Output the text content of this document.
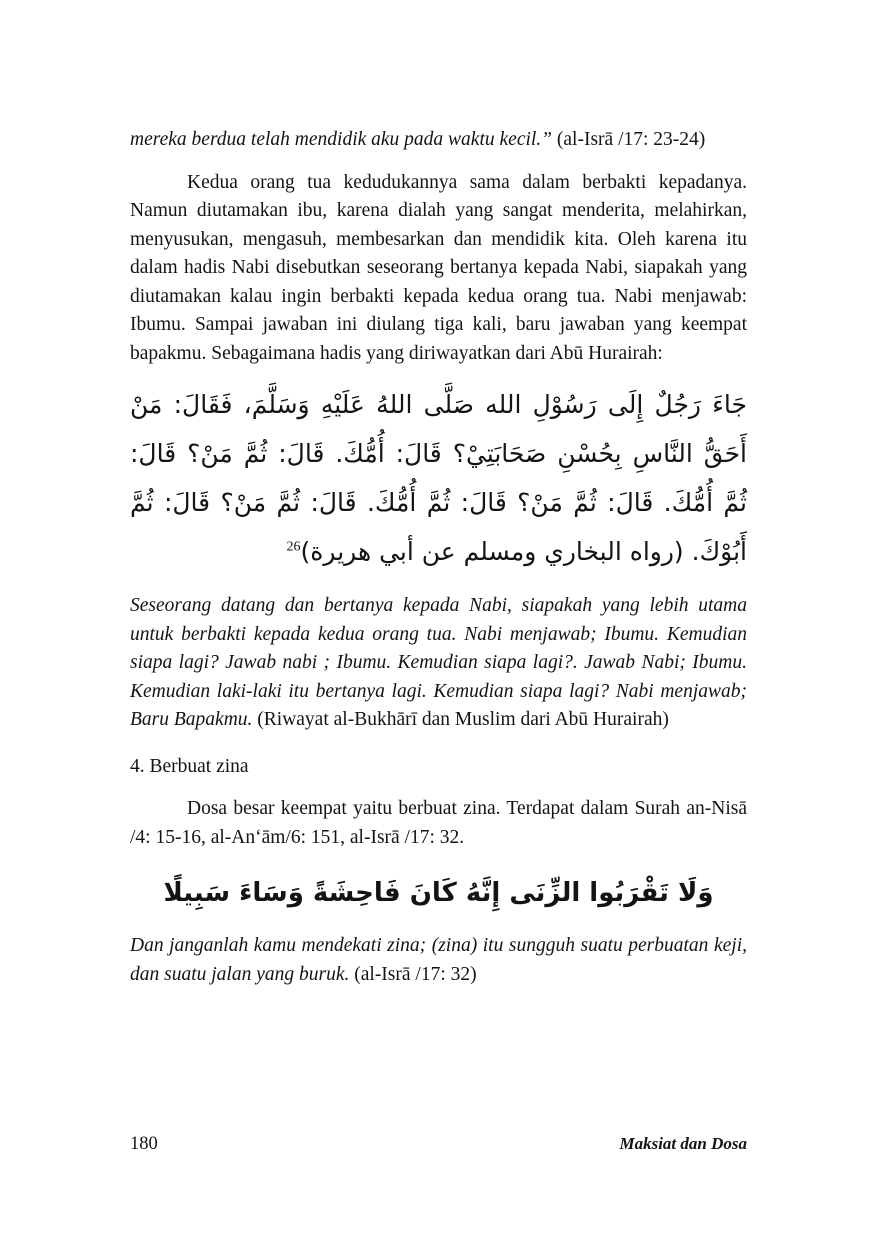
mereka berdua telah mendidik aku pada waktu kecil.” (al-Isrā /17: 23-24)

Kedua orang tua kedudukannya sama dalam berbakti kepadanya. Namun diutamakan ibu, karena dialah yang sangat menderita, melahirkan, menyusukan, mengasuh, membesarkan dan mendidik kita. Oleh karena itu dalam hadis Nabi disebutkan seseorang bertanya kepada Nabi, siapakah yang diutamakan kalau ingin berbakti kepada kedua orang tua. Nabi menjawab: Ibumu. Sampai jawaban ini diulang tiga kali, baru jawaban yang keempat bapakmu. Sebagaimana hadis yang diriwayatkan dari Abū Hurairah:

جَاءَ رَجُلٌ إِلَى رَسُوْلِ الله صَلَّى اللهُ عَلَيْهِ وَسَلَّمَ، فَقَالَ: مَنْ أَحَقُّ النَّاسِ بِحُسْنِ صَحَابَتِيْ؟ قَالَ: أُمُّكَ. قَالَ: ثُمَّ مَنْ؟ قَالَ: ثُمَّ أُمُّكَ. قَالَ: ثُمَّ مَنْ؟ قَالَ: ثُمَّ أُمُّكَ. قَالَ: ثُمَّ مَنْ؟ قَالَ: ثُمَّ أَبُوْكَ. (رواه البخاري ومسلم عن أبي هريرة)$^{26}$

Seseorang datang dan bertanya kepada Nabi, siapakah yang lebih utama untuk berbakti kepada kedua orang tua. Nabi menjawab; Ibumu. Kemudian siapa lagi? Jawab nabi ; Ibumu. Kemudian siapa lagi?. Jawab Nabi; Ibumu. Kemudian laki-laki itu bertanya lagi. Kemudian siapa lagi? Nabi menjawab; Baru Bapakmu. (Riwayat al-Bukhārī dan Muslim dari Abū Hurairah)

4. Berbuat zina

Dosa besar keempat yaitu berbuat zina. Terdapat dalam Surah an-Nisā /4: 15-16, al-An‘ām/6: 151, al-Isrā /17: 32.

وَلَا تَقْرَبُوا الزِّنَى إِنَّهُ كَانَ فَاحِشَةً وَسَاءَ سَبِيلًا

Dan janganlah kamu mendekati zina; (zina) itu sungguh suatu perbuatan keji, dan suatu jalan yang buruk. (al-Isrā /17: 32)

180	Maksiat dan Dosa
